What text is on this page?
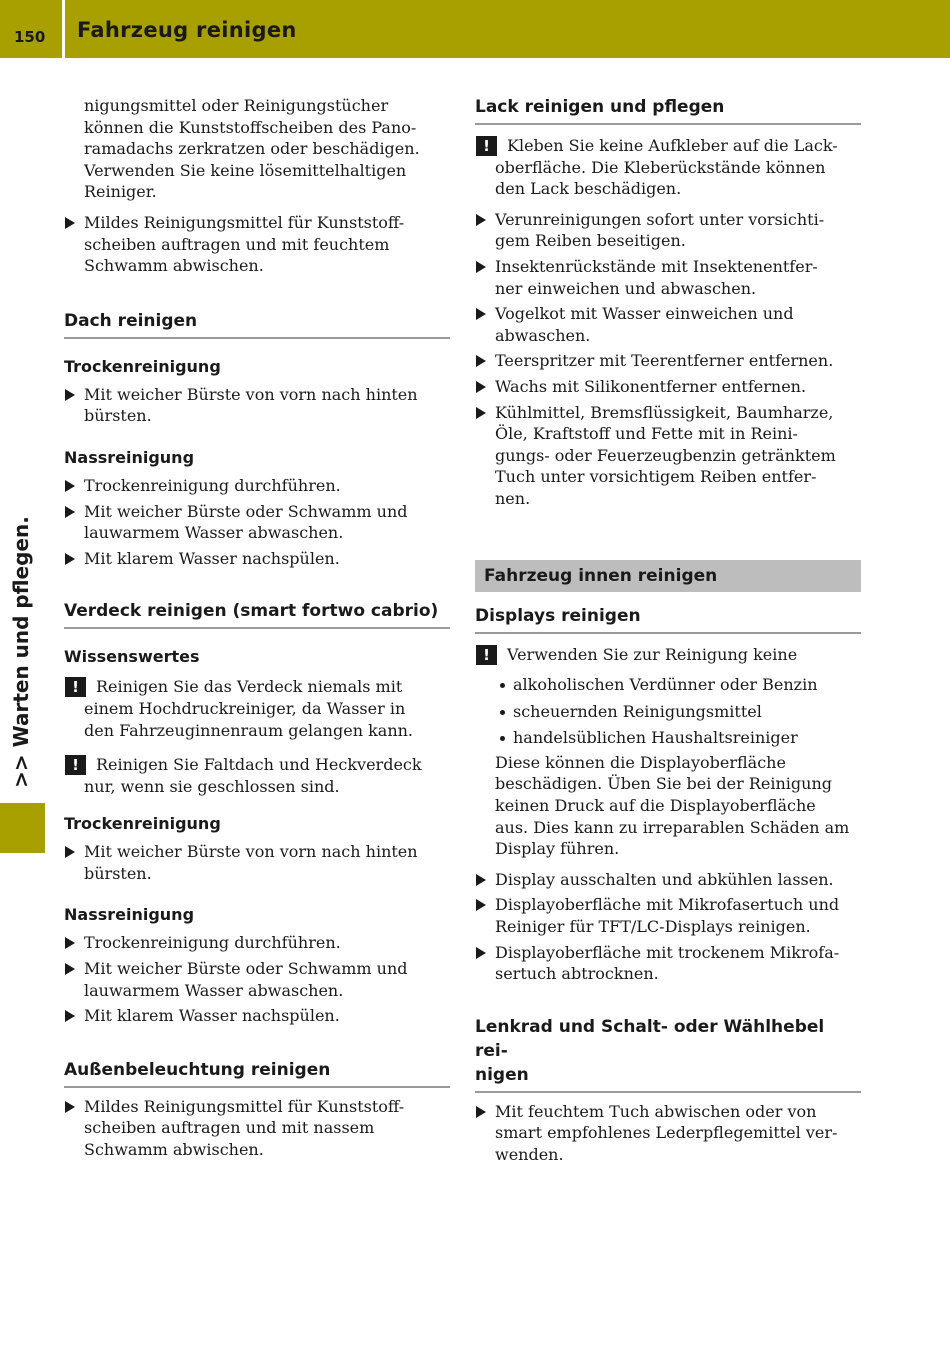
150 Fahrzeug reinigen
>> Warten und pflegen.
nigungsmittel oder Reinigungstücher
können die Kunststoffscheiben des Pano-
ramadachs zerkratzen oder beschädigen.
Verwenden Sie keine lösemittelhaltigen
Reiniger.
Mildes Reinigungsmittel für Kunststoff-
scheiben auftragen und mit feuchtem
Schwamm abwischen.
Dach reinigen
Trockenreinigung
Mit weicher Bürste von vorn nach hinten
bürsten.
Nassreinigung
Trockenreinigung durchführen.
Mit weicher Bürste oder Schwamm und
lauwarmem Wasser abwaschen.
Mit klarem Wasser nachspülen.
Verdeck reinigen (smart fortwo cabrio)
Wissenswertes
!	Reinigen Sie das Verdeck niemals mit
einem Hochdruckreiniger, da Wasser in
den Fahrzeuginnenraum gelangen kann.
!	Reinigen Sie Faltdach und Heckverdeck
nur, wenn sie geschlossen sind.
Trockenreinigung
Mit weicher Bürste von vorn nach hinten
bürsten.
Nassreinigung
Trockenreinigung durchführen.
Mit weicher Bürste oder Schwamm und
lauwarmem Wasser abwaschen.
Mit klarem Wasser nachspülen.
Außenbeleuchtung reinigen
Mildes Reinigungsmittel für Kunststoff-
scheiben auftragen und mit nassem
Schwamm abwischen.
Lack reinigen und pflegen
!	Kleben Sie keine Aufkleber auf die Lack-
oberfläche. Die Kleberückstände können
den Lack beschädigen.
Verunreinigungen sofort unter vorsichti-
gem Reiben beseitigen.
Insektenrückstände mit Insektenentfer-
ner einweichen und abwaschen.
Vogelkot mit Wasser einweichen und
abwaschen.
Teerspritzer mit Teerentferner entfernen.
Wachs mit Silikonentferner entfernen.
Kühlmittel, Bremsflüssigkeit, Baumharze,
Öle, Kraftstoff und Fette mit in Reini-
gungs- oder Feuerzeugbenzin getränktem
Tuch unter vorsichtigem Reiben entfer-
nen.
Fahrzeug innen reinigen
Displays reinigen
!	Verwenden Sie zur Reinigung keine
alkoholischen Verdünner oder Benzin
scheuernden Reinigungsmittel
handelsüblichen Haushaltsreiniger
Diese können die Displayoberfläche
beschädigen. Üben Sie bei der Reinigung
keinen Druck auf die Displayoberfläche
aus. Dies kann zu irreparablen Schäden am
Display führen.
Display ausschalten und abkühlen lassen.
Displayoberfläche mit Mikrofasertuch und
Reiniger für TFT/LC-Displays reinigen.
Displayoberfläche mit trockenem Mikrofa-
sertuch abtrocknen.
Lenkrad und Schalt- oder Wählhebel rei-
nigen
Mit feuchtem Tuch abwischen oder von
smart empfohlenes Lederpflegemittel ver-
wenden.
